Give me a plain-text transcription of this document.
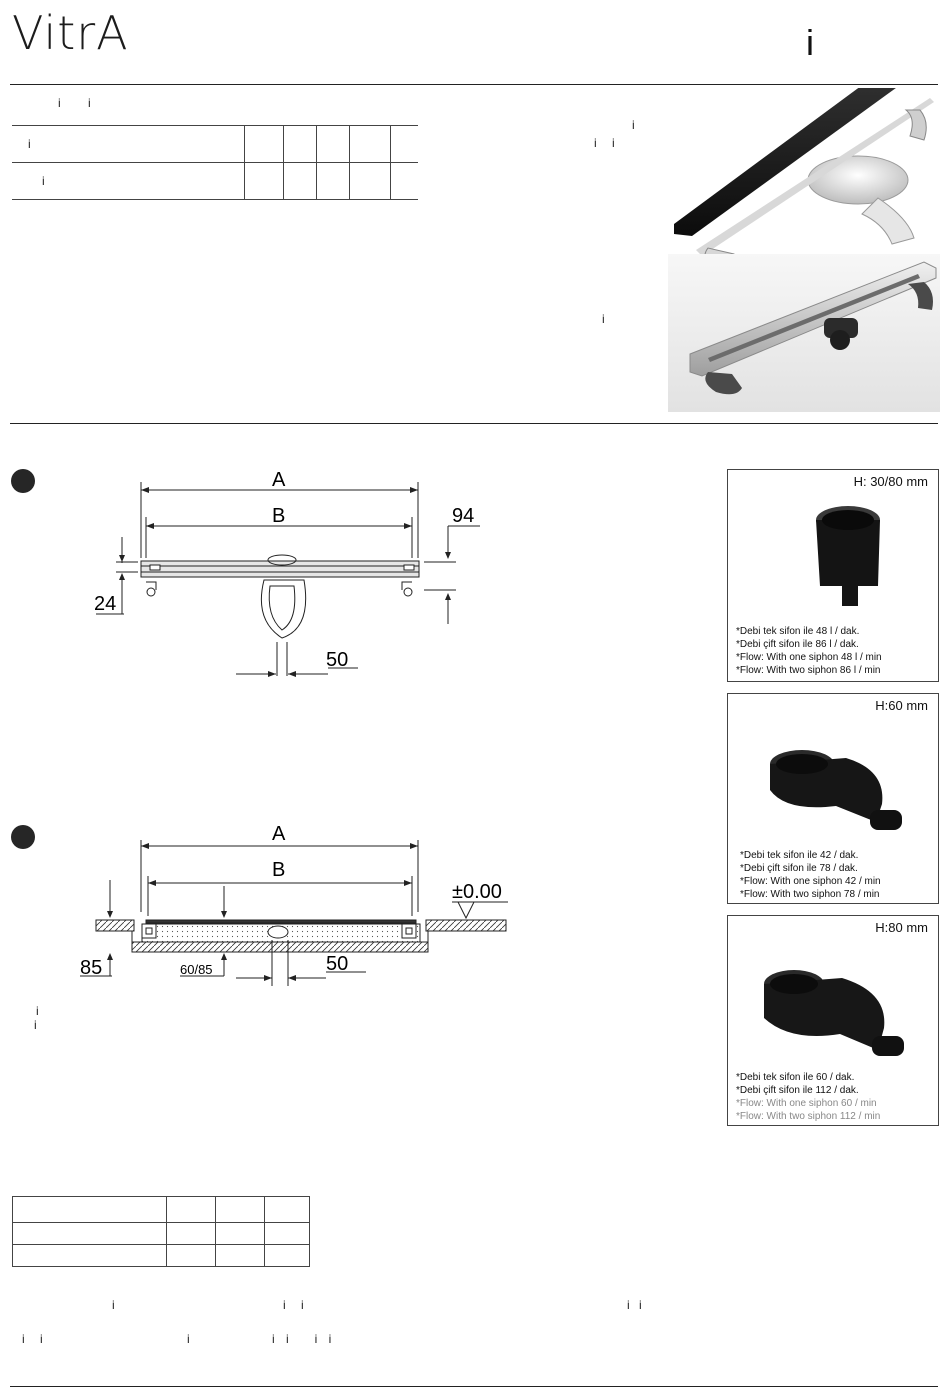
VitrA	i
i i
i					
i					
i
i i
i
A
B	94
24
50
A
B
±0.00
85	60/85	50
i
i
H: 30/80 mm
*Debi tek sifon ile 48 l / dak.
*Debi çift sifon ile 86 l / dak.
*Flow: With one siphon 48 l / min
*Flow: With two siphon 86 l / min
H:60 mm
*Debi tek sifon ile 42 / dak.
*Debi çift sifon ile 78 / dak.
*Flow: With one siphon 42 / min
*Flow: With two siphon 78 / min
H:80 mm
*Debi tek sifon ile 60 / dak.
*Debi çift sifon ile 112 / dak.
*Flow: With one siphon 60 / min
*Flow: With two siphon 112 / min

i	i i	i i
i i	i	i i   i i
